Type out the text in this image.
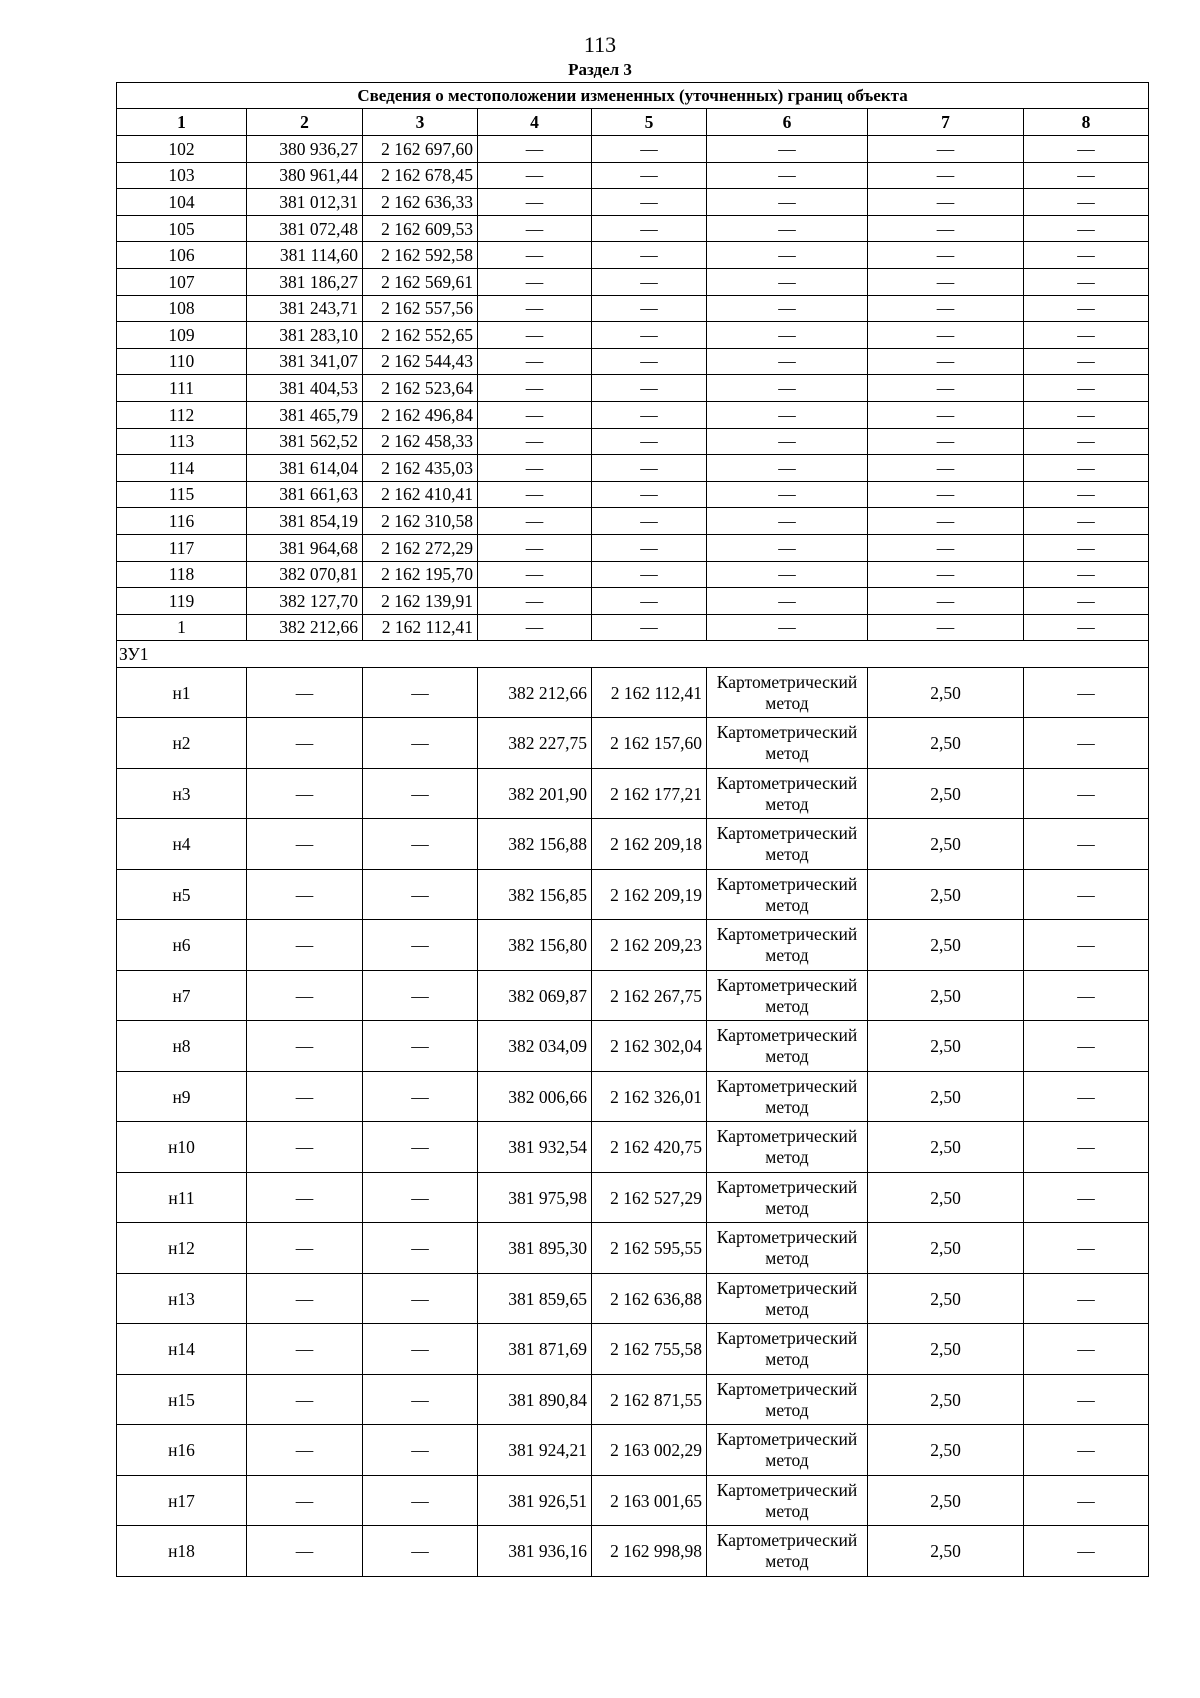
113
Раздел 3
Сведения о местоположении измененных (уточненных) границ объекта							
1	2	3	4	5	6	7	8
102	380 936,27	2 162 697,60	—	—	—	—	—
103	380 961,44	2 162 678,45	—	—	—	—	—
104	381 012,31	2 162 636,33	—	—	—	—	—
105	381 072,48	2 162 609,53	—	—	—	—	—
106	381 114,60	2 162 592,58	—	—	—	—	—
107	381 186,27	2 162 569,61	—	—	—	—	—
108	381 243,71	2 162 557,56	—	—	—	—	—
109	381 283,10	2 162 552,65	—	—	—	—	—
110	381 341,07	2 162 544,43	—	—	—	—	—
111	381 404,53	2 162 523,64	—	—	—	—	—
112	381 465,79	2 162 496,84	—	—	—	—	—
113	381 562,52	2 162 458,33	—	—	—	—	—
114	381 614,04	2 162 435,03	—	—	—	—	—
115	381 661,63	2 162 410,41	—	—	—	—	—
116	381 854,19	2 162 310,58	—	—	—	—	—
117	381 964,68	2 162 272,29	—	—	—	—	—
118	382 070,81	2 162 195,70	—	—	—	—	—
119	382 127,70	2 162 139,91	—	—	—	—	—
1	382 212,66	2 162 112,41	—	—	—	—	—
ЗУ1							
н1	—	—	382 212,66	2 162 112,41	Картометрический метод	2,50	—
н2	—	—	382 227,75	2 162 157,60	Картометрический метод	2,50	—
н3	—	—	382 201,90	2 162 177,21	Картометрический метод	2,50	—
н4	—	—	382 156,88	2 162 209,18	Картометрический метод	2,50	—
н5	—	—	382 156,85	2 162 209,19	Картометрический метод	2,50	—
н6	—	—	382 156,80	2 162 209,23	Картометрический метод	2,50	—
н7	—	—	382 069,87	2 162 267,75	Картометрический метод	2,50	—
н8	—	—	382 034,09	2 162 302,04	Картометрический метод	2,50	—
н9	—	—	382 006,66	2 162 326,01	Картометрический метод	2,50	—
н10	—	—	381 932,54	2 162 420,75	Картометрический метод	2,50	—
н11	—	—	381 975,98	2 162 527,29	Картометрический метод	2,50	—
н12	—	—	381 895,30	2 162 595,55	Картометрический метод	2,50	—
н13	—	—	381 859,65	2 162 636,88	Картометрический метод	2,50	—
н14	—	—	381 871,69	2 162 755,58	Картометрический метод	2,50	—
н15	—	—	381 890,84	2 162 871,55	Картометрический метод	2,50	—
н16	—	—	381 924,21	2 163 002,29	Картометрический метод	2,50	—
н17	—	—	381 926,51	2 163 001,65	Картометрический метод	2,50	—
н18	—	—	381 936,16	2 162 998,98	Картометрический метод	2,50	—
